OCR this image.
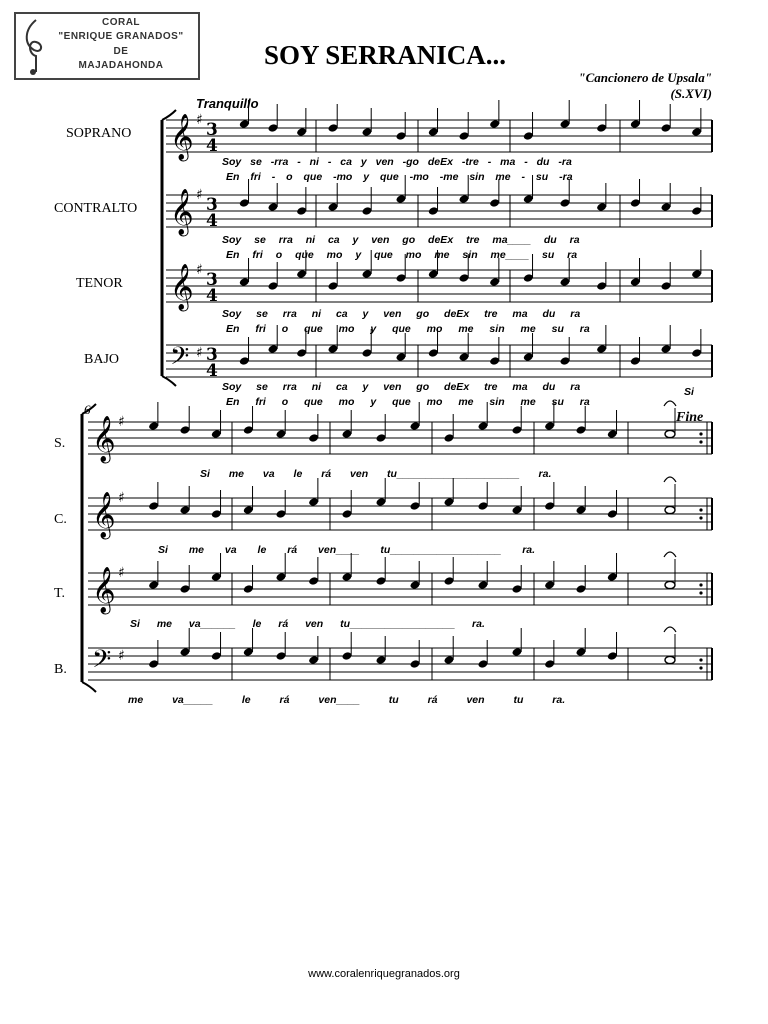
CORAL
"ENRIQUE GRANADOS"
DE
MAJADAHONDA	SOY SERRANICA...
"Cancionero de Upsala"
(S.XVI)
Tranquillo
6
Fine
SOPRANO
CONTRALTO
TENOR
BAJO
S.
C.
T.
B.
Soy se -rra - ni - ca y ven -go deEx -tre - ma - du -ra
En fri - o que -mo y que -mo -me sin me - su -ra
Soy se rra ni ca y ven go deEx tre ma____ du ra
En fri o que mo y que mo me sin me____ su ra
Soy se rra ni ca y ven go deEx tre ma du ra
En fri o que mo y que mo me sin me su ra
Soy se rra ni ca y ven go deEx tre ma du ra
En fri o que mo y que mo me sin me su ra
Si
Si me va le rá ven tu_____________________ ra.
Si me va le rá ven____ tu___________________ ra.
Si me va______ le rá ven tu__________________ ra.
me va_____ le rá ven____ tu rá ven tu ra.
www.coralenriquegranados.org
𝄞 ♯ 3
4
𝄞 ♯ 3
4
𝄞 ♯ 3
4
𝄢 ♯ 3
4
𝄞 ♯
𝄞 ♯
𝄞 ♯
𝄢 ♯
